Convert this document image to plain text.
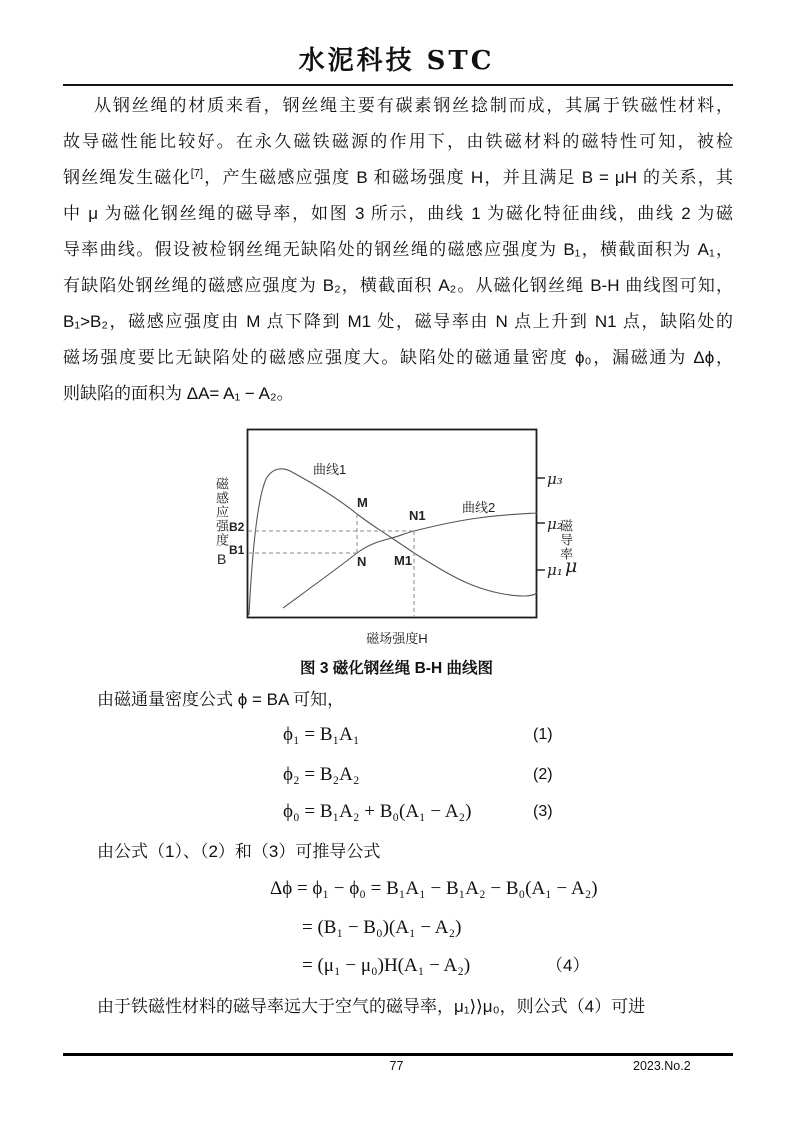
水泥科技 STC
从钢丝绳的材质来看，钢丝绳主要有碳素钢丝捻制而成，其属于铁磁性材料，
故导磁性能比较好。在永久磁铁磁源的作用下，由铁磁材料的磁特性可知，被检
钢丝绳发生磁化[7]，产生磁感应强度 B 和磁场强度 H，并且满足 B = μH 的关系，其
中 μ 为磁化钢丝绳的磁导率，如图 3 所示，曲线 1 为磁化特征曲线，曲线 2 为磁
导率曲线。假设被检钢丝绳无缺陷处的钢丝绳的磁感应强度为 B₁，横截面积为 A₁，
有缺陷处钢丝绳的磁感应强度为 B₂，横截面积 A₂。从磁化钢丝绳 B-H 曲线图可知，
B₁>B₂，磁感应强度由 M 点下降到 M1 处，磁导率由 N 点上升到 N1 点，缺陷处的
磁场强度要比无缺陷处的磁感应强度大。缺陷处的磁通量密度 ϕ₀，漏磁通为 Δϕ，
则缺陷的面积为 ΔA= A₁ − A₂。
磁感应强度
B
B2
B1
曲线1
曲线2
M
N1
N M1
μ₃
μ₂
μ₁
磁导率
μ
磁场强度H
图 3 磁化钢丝绳 B-H 曲线图
由磁通量密度公式 ϕ = BA 可知，
ϕ₁ = B₁A₁	(1)
ϕ₂ = B₂A₂	(2)
ϕ₀ = B₁A₂ + B₀(A₁ − A₂)	(3)
由公式（1）、（2）和（3）可推导公式
Δϕ = ϕ₁ − ϕ₀ = B₁A₁ − B₁A₂ − B₀(A₁ − A₂)
= (B₁ − B₀)(A₁ − A₂)
= (μ₁ − μ₀)H(A₁ − A₂)	（4）
由于铁磁性材料的磁导率远大于空气的磁导率，μ₁⟩⟩μ₀，则公式（4）可进
77	2023.No.2
